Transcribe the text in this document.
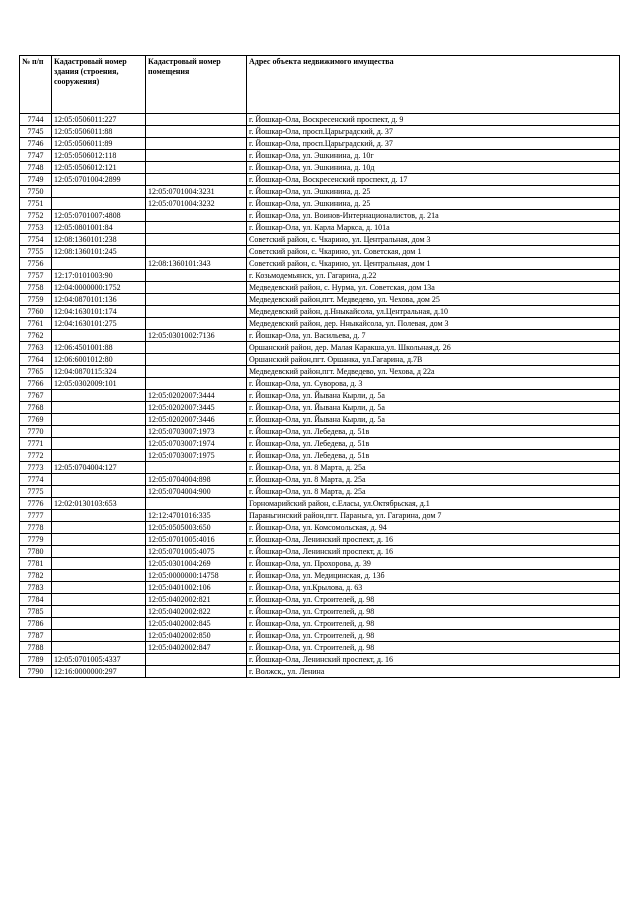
№ п/п	Кадастровый номер здания (строения, сооружения)	Кадастровый номер помещения	Адрес объекта недвижимого имущества
7744	12:05:0506011:227		г. Йошкар-Ола, Воскресенский проспект, д. 9
7745	12:05:0506011:88		г. Йошкар-Ола, просп.Царьградский, д. 37
7746	12:05:0506011:89		г. Йошкар-Ола, просп.Царьградский, д. 37
7747	12:05:0506012:118		г. Йошкар-Ола, ул. Эшкинина, д. 10г
7748	12:05:0506012:121		г. Йошкар-Ола, ул. Эшкинина, д. 10д
7749	12:05:0701004:2899		г. Йошкар-Ола, Воскресенский проспект, д. 17
7750		12:05:0701004:3231	г. Йошкар-Ола, ул. Эшкинина, д. 25
7751		12:05:0701004:3232	г. Йошкар-Ола, ул. Эшкинина, д. 25
7752	12:05:0701007:4808		г. Йошкар-Ола, ул. Воинов-Интернационалистов, д. 21а
7753	12:05:0801001:84		г. Йошкар-Ола, ул. Карла Маркса, д. 101а
7754	12:08:1360101:238		Советский район, с. Чкарино, ул. Центральная, дом 3
7755	12:08:1360101:245		Советский район, с. Чкарино, ул. Советская, дом 1
7756		12:08:1360101:343	Советский район, с. Чкарино, ул. Центральная, дом 1
7757	12:17:0101003:90		г. Козьмодемьянск, ул. Гагарина, д.22
7758	12:04:0000000:1752		Медведевский район, с. Нурма, ул. Советская, дом 13а
7759	12:04:0870101:136		Медведевский район,пгт. Медведево, ул. Чехова, дом 25
7760	12:04:1630101:174		Медведевский район, д.Нныкайсола, ул.Центральная, д.10
7761	12:04:1630101:275		Медведевский район, дер. Нныкайсола, ул. Полевая, дом 3
7762		12:05:0301002:7136	г. Йошкар-Ола, ул. Васильева, д. 7
7763	12:06:4501001:88		Оршанский район, дер. Малая Каракша,ул. Школьная,д. 26
7764	12:06:6001012:80		Оршанский район,пгт. Оршанка, ул.Гагарина, д.7В
7765	12:04:0870115:324		Медведевский район,пгт. Медведево, ул. Чехова, д 22а
7766	12:05:0302009:101		г. Йошкар-Ола, ул. Суворова, д. 3
7767		12:05:0202007:3444	г. Йошкар-Ола, ул. Йывана Кырли, д. 5а
7768		12:05:0202007:3445	г. Йошкар-Ола, ул. Йывана Кырли, д. 5а
7769		12:05:0202007:3446	г. Йошкар-Ола, ул. Йывана Кырли, д. 5а
7770		12:05:0703007:1973	г. Йошкар-Ола, ул. Лебедева, д. 51в
7771		12:05:0703007:1974	г. Йошкар-Ола, ул. Лебедева, д. 51в
7772		12:05:0703007:1975	г. Йошкар-Ола, ул. Лебедева, д. 51в
7773	12:05:0704004:127		г. Йошкар-Ола, ул. 8 Марта, д. 25а
7774		12:05:0704004:898	г. Йошкар-Ола, ул. 8 Марта, д. 25а
7775		12:05:0704004:900	г. Йошкар-Ола, ул. 8 Марта, д. 25а
7776	12:02:0130103:653		Горномарийский район, с.Еласы, ул.Октябрьская, д.1
7777		12:12:4701016:335	Параньгинский район,пгт. Параньга, ул. Гагарина, дом 7
7778		12:05:0505003:650	г. Йошкар-Ола, ул. Комсомольская, д. 94
7779		12:05:0701005:4016	г. Йошкар-Ола, Ленинский проспект, д. 16
7780		12:05:0701005:4075	г. Йошкар-Ола, Ленинский проспект, д. 16
7781		12:05:0301004:269	г. Йошкар-Ола, ул. Прохорова, д. 39
7782		12:05:0000000:14758	г. Йошкар-Ола, ул. Медицинская, д. 13б
7783		12:05:0401002:106	г. Йошкар-Ола, ул.Крылова, д. 63
7784		12:05:0402002:821	г. Йошкар-Ола, ул. Строителей, д. 98
7785		12:05:0402002:822	г. Йошкар-Ола, ул. Строителей, д. 98
7786		12:05:0402002:845	г. Йошкар-Ола, ул. Строителей, д. 98
7787		12:05:0402002:850	г. Йошкар-Ола, ул. Строителей, д. 98
7788		12:05:0402002:847	г. Йошкар-Ола, ул. Строителей, д. 98
7789	12:05:0701005:4337		г. Йошкар-Ола, Ленинский проспект, д. 16
7790	12:16:0000000:297		г. Волжск,, ул. Ленина
